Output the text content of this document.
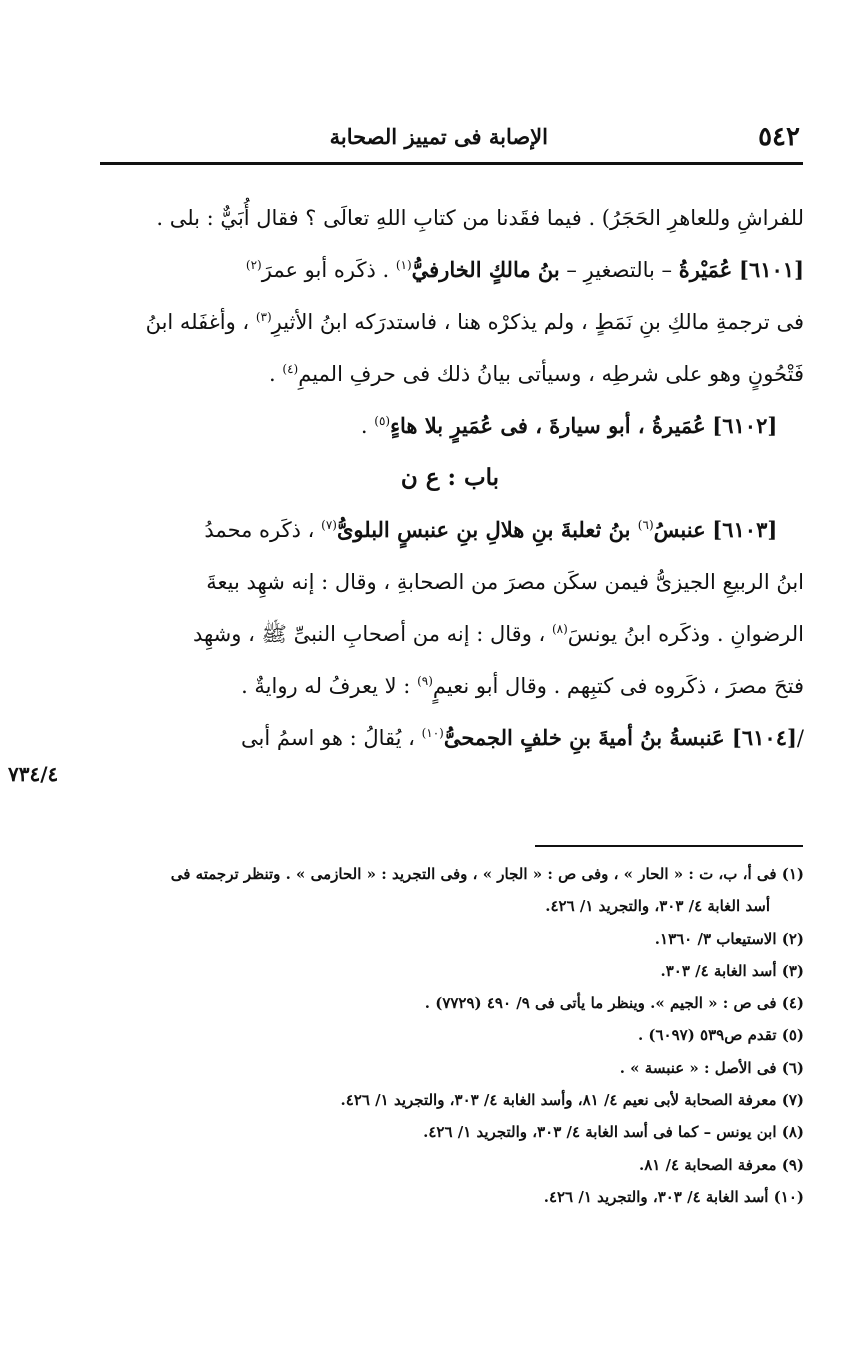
٥٤٢
الإصابة فى تمييز الصحابة
للفراشِ وللعاهرِ الحَجَرُ) . فيما فقَدنا من كتابِ اللهِ تعالَى ؟ فقال أُبَيٌّ : بلى .
[٦١٠١] عُمَيْرةُ – بالتصغيرِ – بنُ مالكٍ الخارفيُّ$^{(١)}$ . ذكَره أبو عمرَ$^{(٢)}$
فى ترجمةِ مالكِ بنِ نَمَطٍ ، ولم يذكرْه هنا ، فاستدرَكه ابنُ الأثيرِ$^{(٣)}$ ، وأغفَله ابنُ
فَتْحُونٍ وهو على شرطِه ، وسيأتى بيانُ ذلك فى حرفِ الميمِ$^{(٤)}$ .
[٦١٠٢] عُمَيرةُ ، أبو سيارةَ ، فى عُمَيرٍ بلا هاءٍ$^{(٥)}$ .
باب : ع ن
[٦١٠٣] عنبسُ$^{(٦)}$ بنُ ثعلبةَ بنِ هلالِ بنِ عنبسٍ البلوىُّ$^{(٧)}$ ، ذكَره محمدُ
ابنُ الربيعِ الجيزىُّ فيمن سكَن مصرَ من الصحابةِ ، وقال : إنه شهِد بيعةَ
الرضوانِ . وذكَره ابنُ يونسَ$^{(٨)}$ ، وقال : إنه من أصحابِ النبىِّ ﷺ ، وشهِد
فتحَ مصرَ ، ذكَروه فى كتبِهم . وقال أبو نعيمٍ$^{(٩)}$ : لا يعرفُ له روايةٌ .
/[٦١٠٤] عَنبسةُ بنُ أميةَ بنِ خلفٍ الجمحىُّ$^{(١٠)}$ ، يُقالُ : هو اسمُ أبى
٧٣٤/٤
(١) فى أ، ب، ت : « الحار » ، وفى ص : « الجار » ، وفى التجريد : « الحازمى » . وتنظر ترجمته فى
أسد الغابة ٤/ ٣٠٣، والتجريد ١/ ٤٢٦.
(٢) الاستيعاب ٣/ ١٣٦٠.
(٣) أسد الغابة ٤/ ٣٠٣.
(٤) فى ص : « الجيم ». وينظر ما يأتى فى ٩/ ٤٩٠ (٧٧٢٩) .
(٥) تقدم ص٥٣٩ (٦٠٩٧) .
(٦) فى الأصل : « عنبسة » .
(٧) معرفة الصحابة لأبى نعيم ٤/ ٨١، وأسد الغابة ٤/ ٣٠٣، والتجريد ١/ ٤٢٦.
(٨) ابن يونس – كما فى أسد الغابة ٤/ ٣٠٣، والتجريد ١/ ٤٢٦.
(٩) معرفة الصحابة ٤/ ٨١.
(١٠) أسد الغابة ٤/ ٣٠٣، والتجريد ١/ ٤٢٦.
